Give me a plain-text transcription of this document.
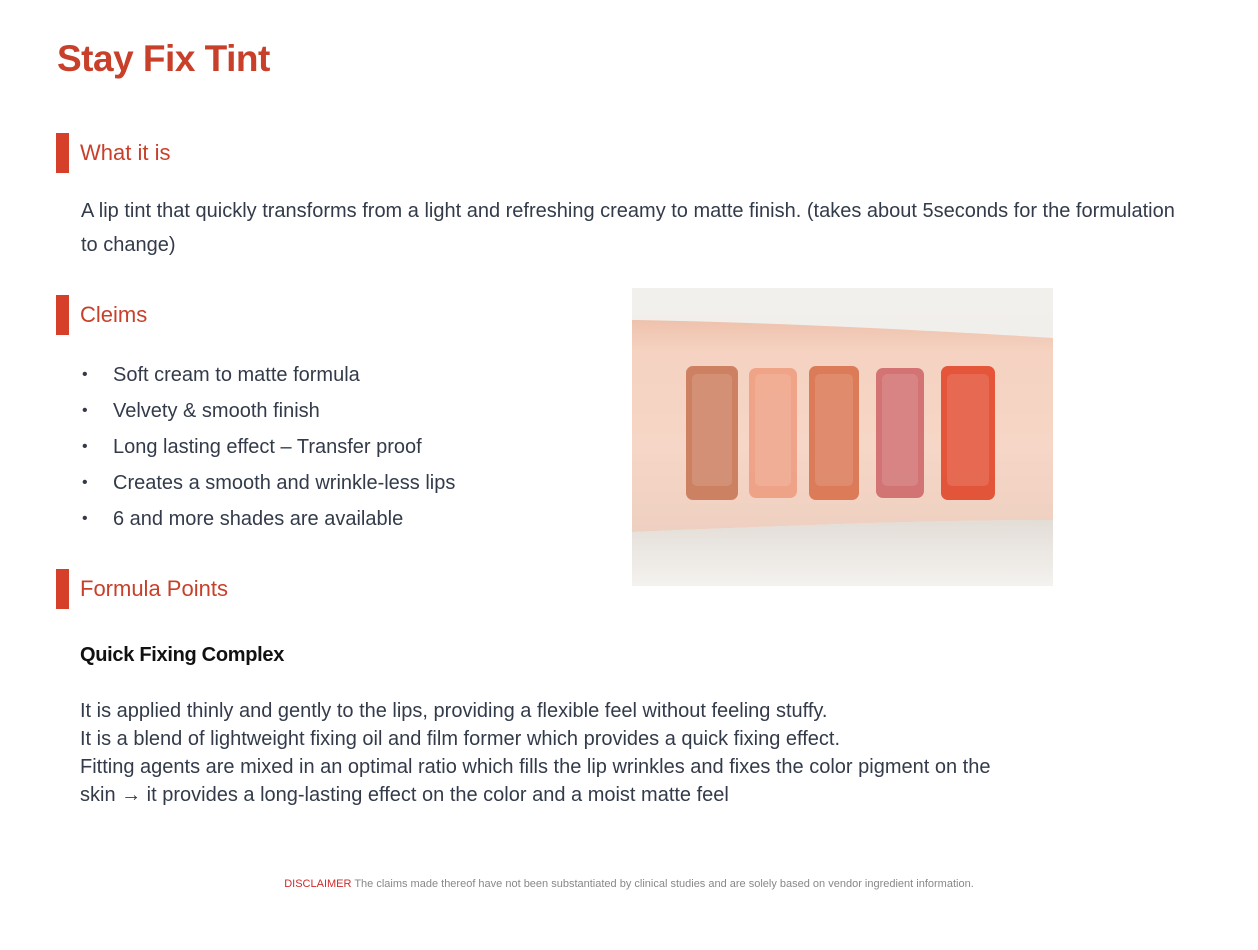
Stay Fix Tint
What it is
A lip tint that quickly transforms from a light and refreshing creamy to matte finish. (takes about 5seconds for the formulation to change)
Cleims
•	Soft cream to matte formula
•	Velvety & smooth finish
•	Long lasting effect – Transfer proof
•	Creates a smooth and wrinkle-less lips
•	6 and more shades are available
Formula Points
Quick Fixing Complex
It is applied thinly and gently to the lips, providing a flexible feel without feeling stuffy.
It is a blend of lightweight fixing oil and film former which provides a quick fixing effect.
Fitting agents are mixed in an optimal ratio which fills the lip wrinkles and fixes the color pigment on the
skin → it provides a long-lasting effect on the color and a moist matte feel
DISCLAIMER The claims made thereof have not been substantiated by clinical studies and are solely based on vendor ingredient information.
